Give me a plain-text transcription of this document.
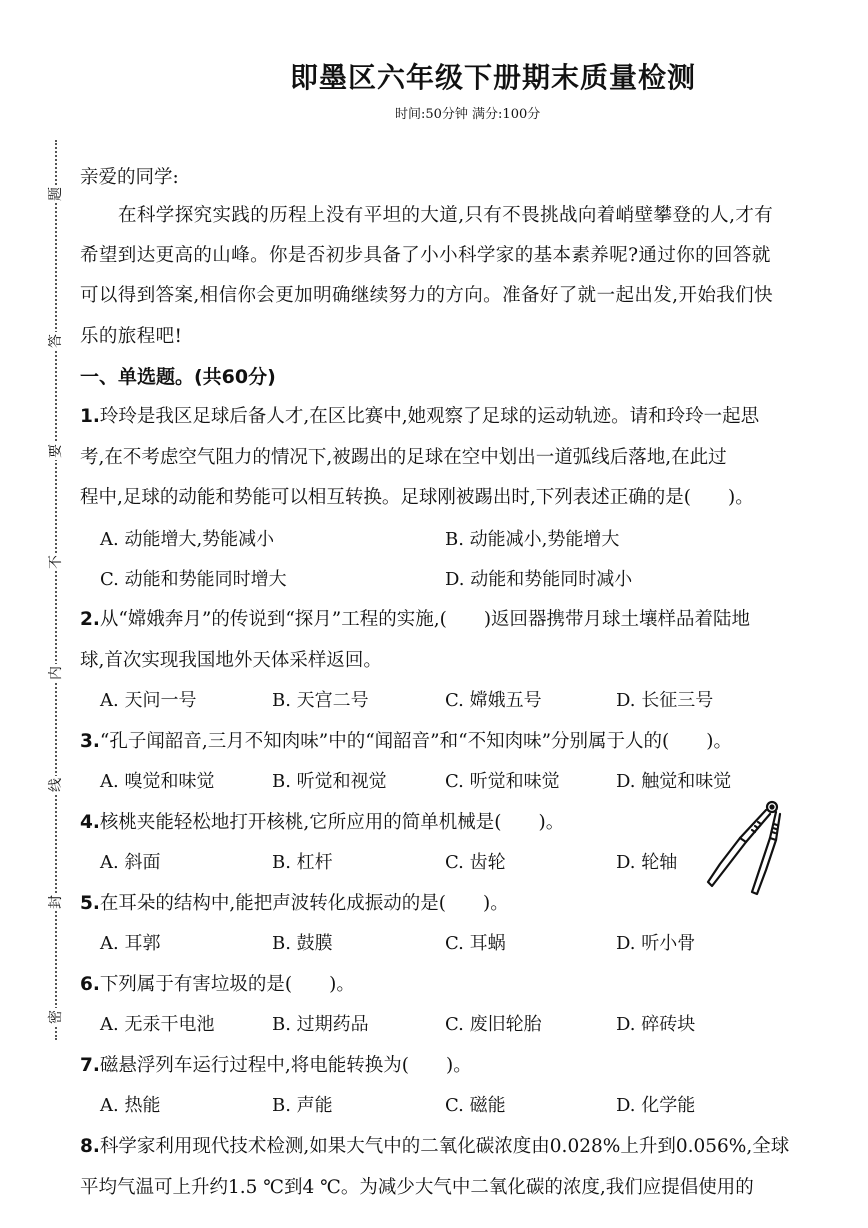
即墨区六年级下册期末质量检测
时间:50分钟 满分:100分
题
答
要
不
内
线
封
密
亲爱的同学:
在科学探究实践的历程上没有平坦的大道,只有不畏挑战向着峭壁攀登的人,才有
希望到达更高的山峰。你是否初步具备了小小科学家的基本素养呢?通过你的回答就
可以得到答案,相信你会更加明确继续努力的方向。准备好了就一起出发,开始我们快
乐的旅程吧!
一、单选题。(共60分)
1.玲玲是我区足球后备人才,在区比赛中,她观察了足球的运动轨迹。请和玲玲一起思
考,在不考虑空气阻力的情况下,被踢出的足球在空中划出一道弧线后落地,在此过
程中,足球的动能和势能可以相互转换。足球刚被踢出时,下列表述正确的是(　　)。
A. 动能增大,势能减小	B. 动能减小,势能增大
C. 动能和势能同时增大	D. 动能和势能同时减小
2.从“嫦娥奔月”的传说到“探月”工程的实施,(　　)返回器携带月球土壤样品着陆地
球,首次实现我国地外天体采样返回。
A. 天问一号	B. 天宫二号	C. 嫦娥五号	D. 长征三号
3.“孔子闻韶音,三月不知肉味”中的“闻韶音”和“不知肉味”分别属于人的(　　)。
A. 嗅觉和味觉	B. 听觉和视觉	C. 听觉和味觉	D. 触觉和味觉
4.核桃夹能轻松地打开核桃,它所应用的简单机械是(　　)。
A. 斜面	B. 杠杆	C. 齿轮	D. 轮轴
5.在耳朵的结构中,能把声波转化成振动的是(　　)。
A. 耳郭	B. 鼓膜	C. 耳蜗	D. 听小骨
6.下列属于有害垃圾的是(　　)。
A. 无汞干电池	B. 过期药品	C. 废旧轮胎	D. 碎砖块
7.磁悬浮列车运行过程中,将电能转换为(　　)。
A. 热能	B. 声能	C. 磁能	D. 化学能
8.科学家利用现代技术检测,如果大气中的二氧化碳浓度由0.028%上升到0.056%,全球
平均气温可上升约1.5 ℃到4 ℃。为减少大气中二氧化碳的浓度,我们应提倡使用的
